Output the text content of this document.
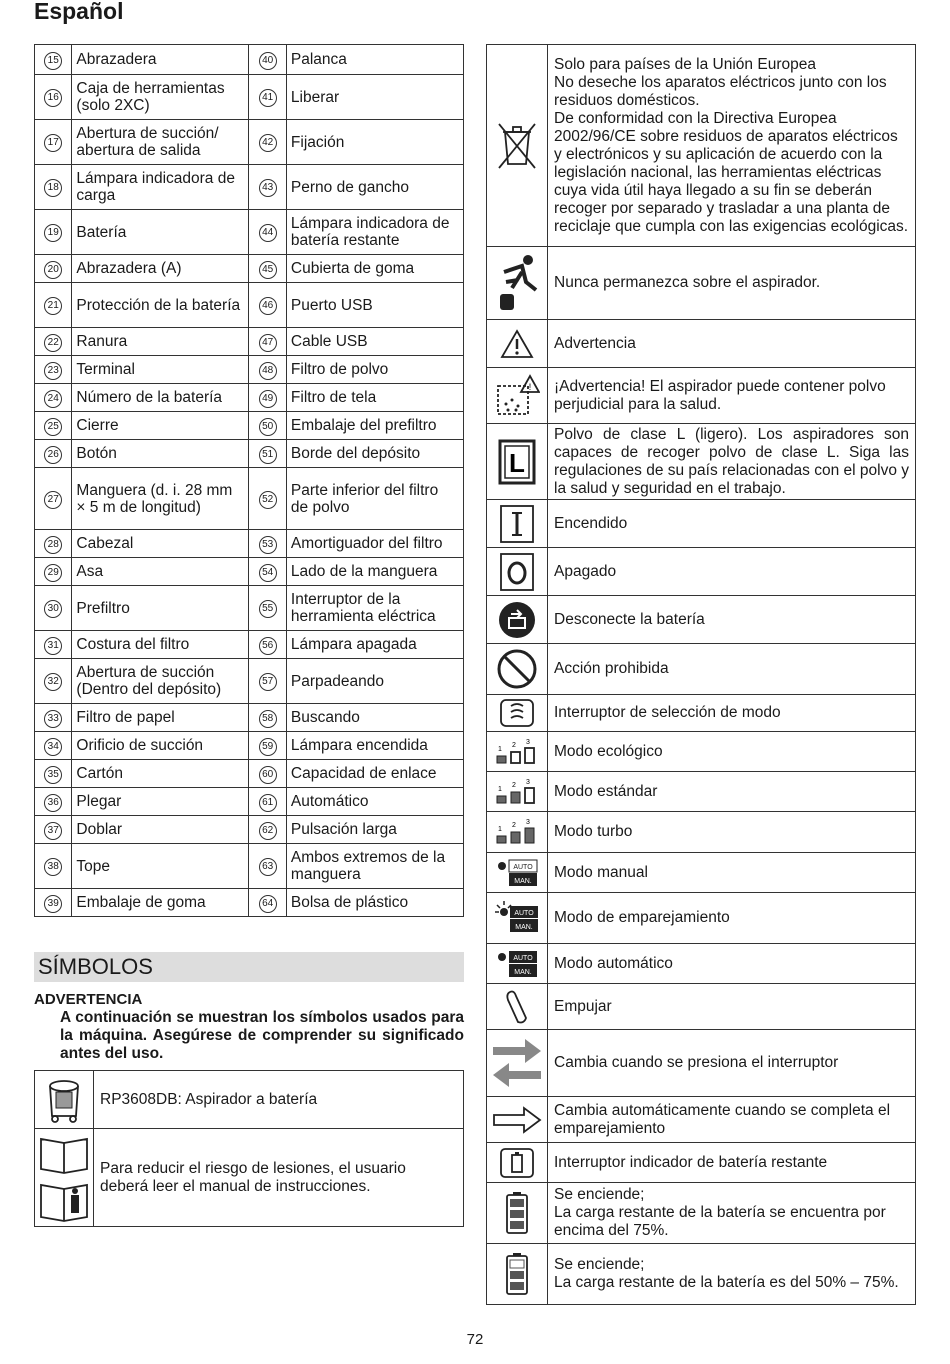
Español
15	Abrazadera	40	Palanca
16	Caja de herramientas (solo 2XC)	41	Liberar
17	Abertura de succión/ abertura de salida	42	Fijación
18	Lámpara indicadora de carga	43	Perno de gancho
19	Batería	44	Lámpara indicadora de batería restante
20	Abrazadera (A)	45	Cubierta de goma
21	Protección de la batería	46	Puerto USB
22	Ranura	47	Cable USB
23	Terminal	48	Filtro de polvo
24	Número de la batería	49	Filtro de tela
25	Cierre	50	Embalaje del prefiltro
26	Botón	51	Borde del depósito
27	Manguera (d. i. 28 mm × 5 m de longitud)	52	Parte inferior del filtro de polvo
28	Cabezal	53	Amortiguador del filtro
29	Asa	54	Lado de la manguera
30	Prefiltro	55	Interruptor de la herramienta eléctrica
31	Costura del filtro	56	Lámpara apagada
32	Abertura de succión (Dentro del depósito)	57	Parpadeando
33	Filtro de papel	58	Buscando
34	Orificio de succión	59	Lámpara encendida
35	Cartón	60	Capacidad de enlace
36	Plegar	61	Automático
37	Doblar	62	Pulsación larga
38	Tope	63	Ambos extremos de la manguera
39	Embalaje de goma	64	Bolsa de plástico
SÍMBOLOS
ADVERTENCIA
A continuación se muestran los símbolos usados para la máquina. Asegúrese de comprender su significado antes del uso.
	RP3608DB: Aspirador a batería

	Para reducir el riesgo de lesiones, el usuario deberá leer el manual de instrucciones.
	Solo para países de la Unión Europea
No deseche los aparatos eléctricos junto con los residuos domésticos.
De conformidad con la Directiva Europea 2002/96/CE sobre residuos de aparatos eléctricos y electrónicos y su aplicación de acuerdo con la legislación nacional, las herramientas eléctricas cuya vida útil haya llegado a su fin se deberán recoger por separado y trasladar a una planta de reciclaje que cumpla con las exigencias ecológicas.

	Nunca permanezca sobre el aspirador.

	Advertencia

!	¡Advertencia! El aspirador puede contener polvo perjudicial para la salud.

L	Polvo de clase L (ligero). Los aspiradores son capaces de recoger polvo de clase L. Siga las regulaciones de su país relacionadas con el polvo y la salud y seguridad en el trabajo.

	Encendido

	Apagado

	Desconecte la batería

	Acción prohibida

	Interruptor de selección de modo

1
2 3	Modo ecológico

1
2 3	Modo estándar

1
2 3	Modo turbo

AUTO
MAN.	Modo manual

AUTO
MAN.	Modo de emparejamiento

AUTO
MAN.	Modo automático

	Empujar

	Cambia cuando se presiona el interruptor

	Cambia automáticamente cuando se completa el emparejamiento

	Interruptor indicador de batería restante

	Se enciende;
La carga restante de la batería se encuentra por encima del 75%.

	Se enciende;
La carga restante de la batería es del 50% – 75%.
72
